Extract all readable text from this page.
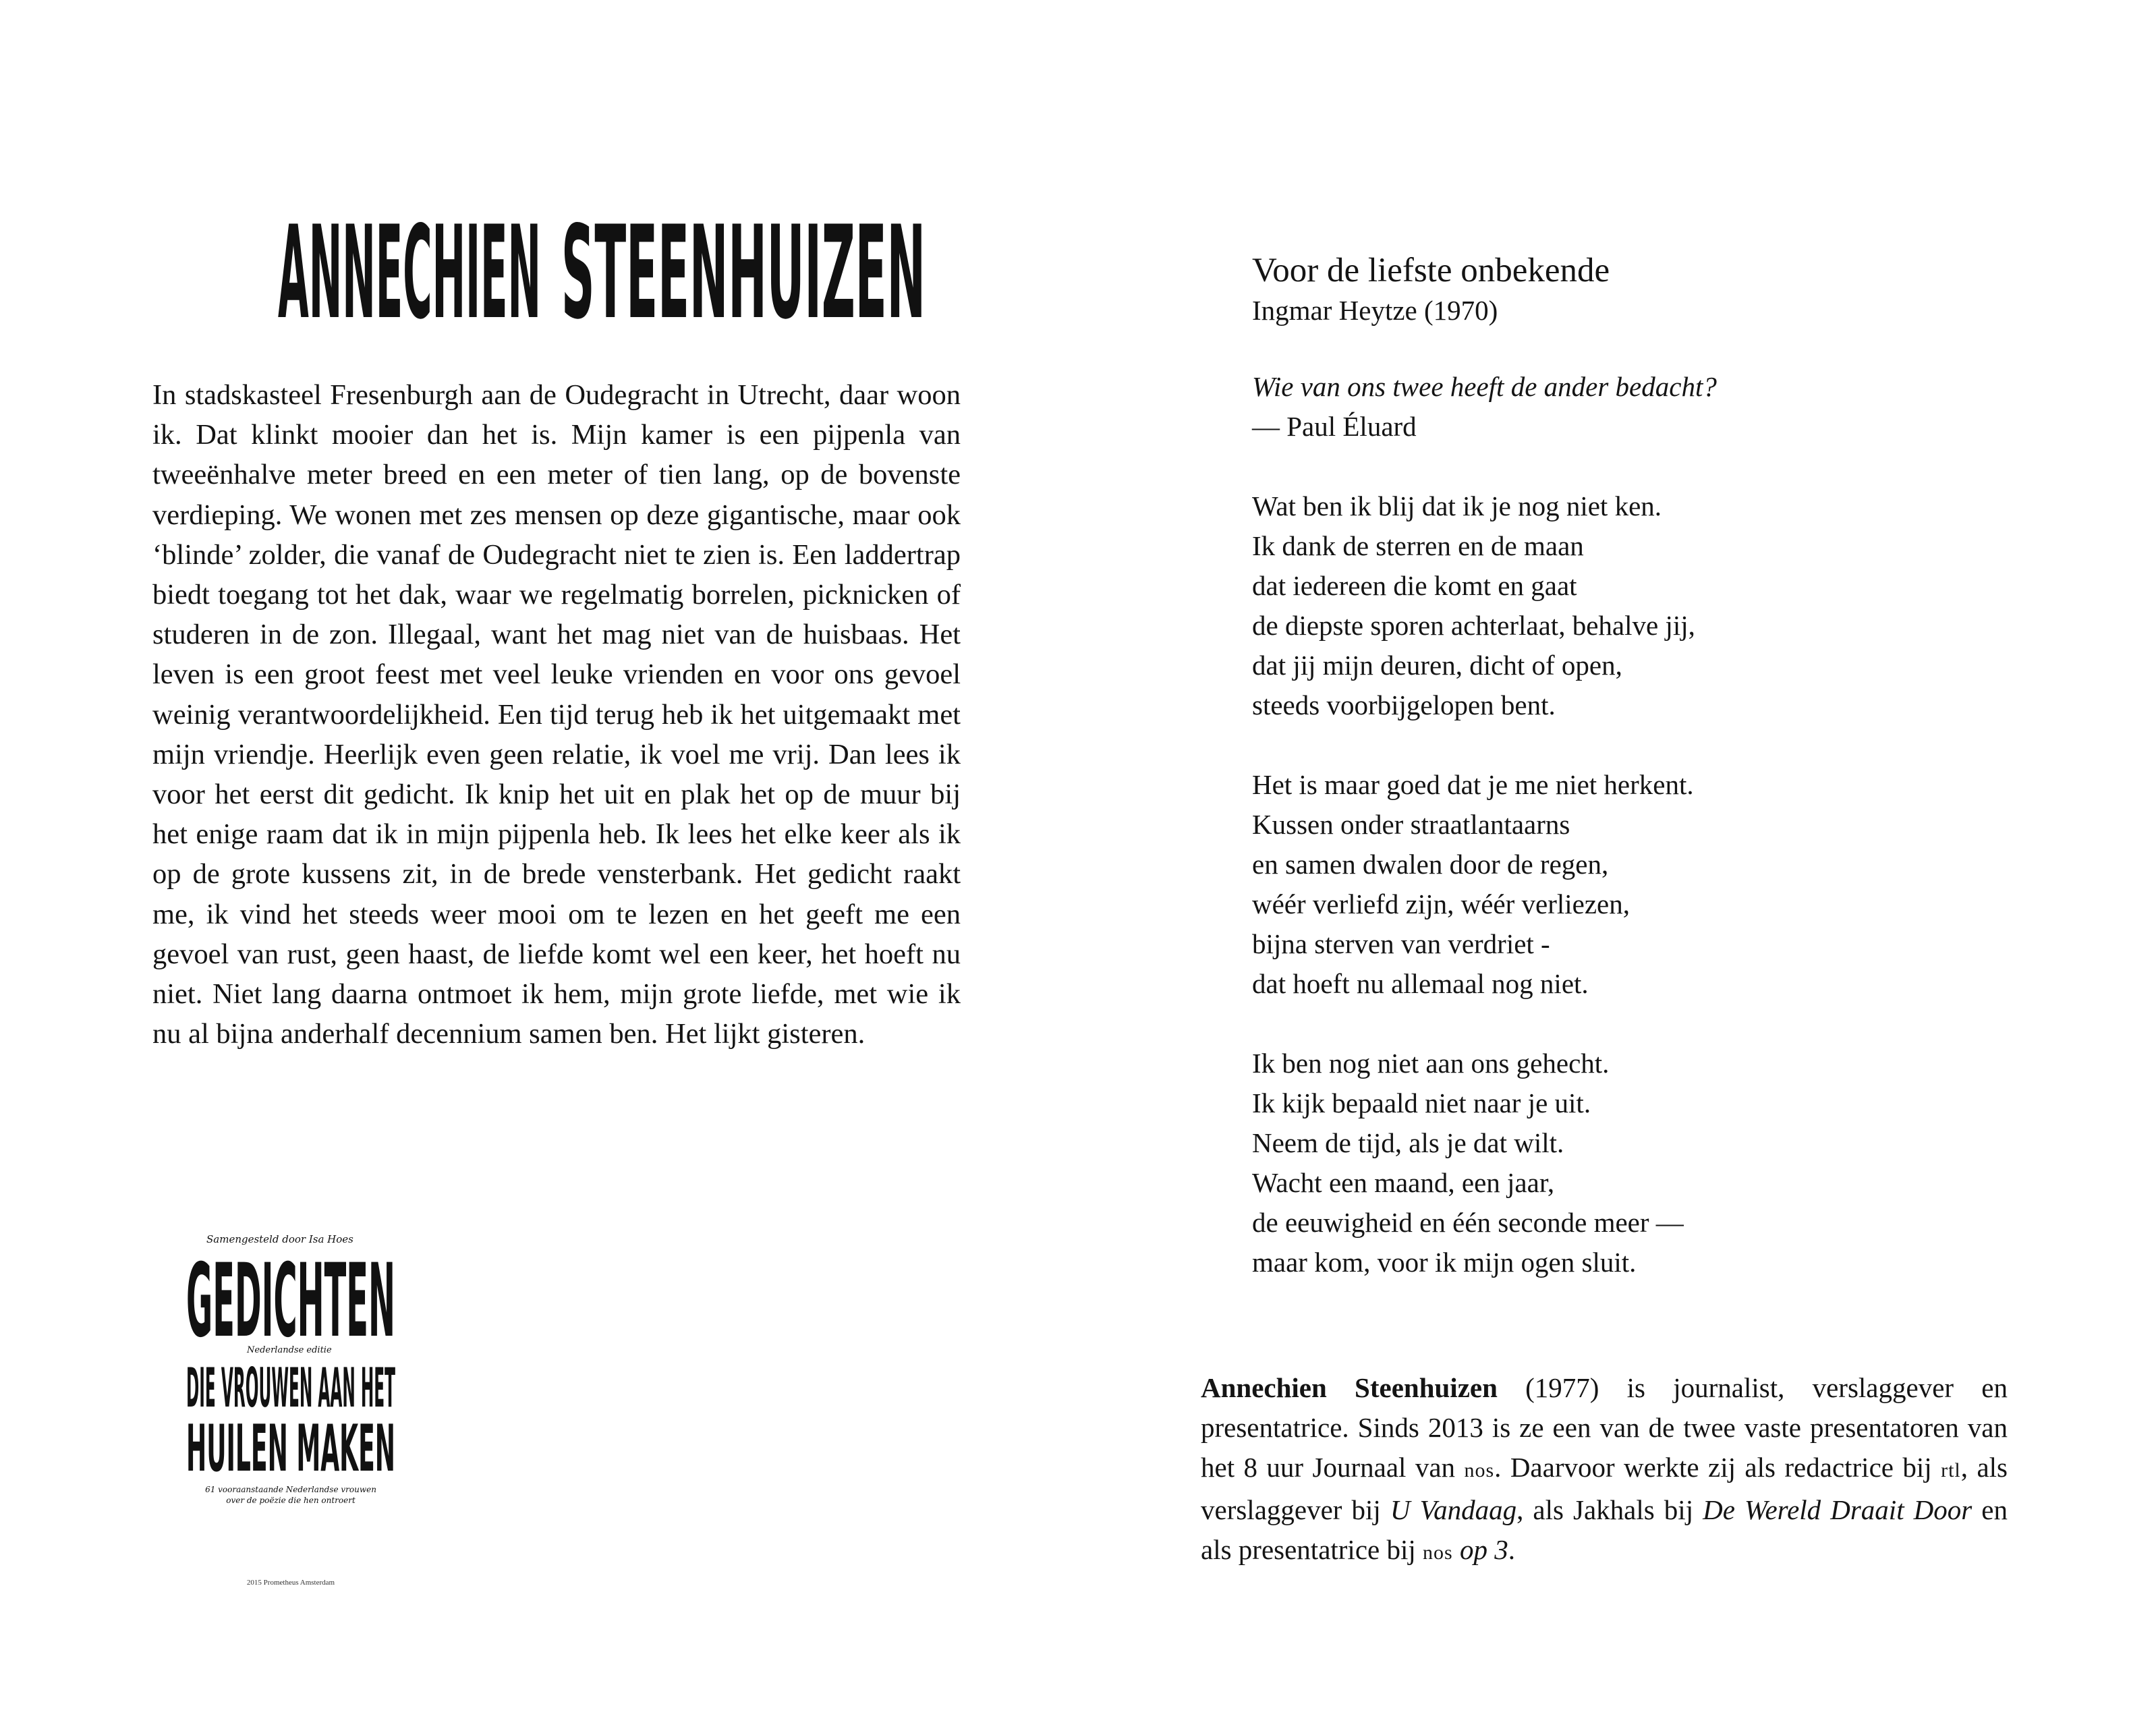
ANNECHIEN STEENHUIZEN

In stadskasteel Fresenburgh aan de Oudegracht in Utrecht, daar woon ik. Dat klinkt mooier dan het is. Mijn kamer is een pijpenla van tweeënhalve meter breed en een meter of tien lang, op de bovenste verdieping. We wonen met zes mensen op deze gigantische, maar ook ‘blinde’ zolder, die vanaf de Oudegracht niet te zien is. Een laddertrap biedt toegang tot het dak, waar we regelmatig borrelen, picknicken of studeren in de zon. Illegaal, want het mag niet van de huisbaas. Het leven is een groot feest met veel leuke vrienden en voor ons gevoel weinig verantwoordelijkheid. Een tijd terug heb ik het uitgemaakt met mijn vriendje. Heerlijk even geen relatie, ik voel me vrij. Dan lees ik voor het eerst dit gedicht. Ik knip het uit en plak het op de muur bij het enige raam dat ik in mijn pijpenla heb. Ik lees het elke keer als ik op de grote kussens zit, in de brede vensterbank. Het gedicht raakt me, ik vind het steeds weer mooi om te lezen en het geeft me een gevoel van rust, geen haast, de liefde komt wel een keer, het hoeft nu niet. Niet lang daarna ontmoet ik hem, mijn grote liefde, met wie ik nu al bijna anderhalf decennium samen ben. Het lijkt gisteren.

Samengesteld door Isa Hoes
GEDICHTEN
Nederlandse editie
DIE VROUWEN AAN HET
HUILEN MAKEN
61 vooraanstaande Nederlandse vrouwen
over de poëzie die hen ontroert
2015 Prometheus Amsterdam

Voor de liefste onbekende

Ingmar Heytze (1970)

Wie van ons twee heeft de ander bedacht?

— Paul Éluard

Wat ben ik blij dat ik je nog niet ken.
Ik dank de sterren en de maan
dat iedereen die komt en gaat
de diepste sporen achterlaat, behalve jij,
dat jij mijn deuren, dicht of open,
steeds voorbijgelopen bent.
Het is maar goed dat je me niet herkent.
Kussen onder straatlantaarns
en samen dwalen door de regen,
wéér verliefd zijn, wéér verliezen,
bijna sterven van verdriet -
dat hoeft nu allemaal nog niet.
Ik ben nog niet aan ons gehecht.
Ik kijk bepaald niet naar je uit.
Neem de tijd, als je dat wilt.
Wacht een maand, een jaar,
de eeuwigheid en één seconde meer —
maar kom, voor ik mijn ogen sluit.

Annechien Steenhuizen (1977) is journalist, verslaggever en presentatrice. Sinds 2013 is ze een van de twee vaste presentatoren van het 8 uur Journaal van nos. Daarvoor werkte zij als redactrice bij rtl, als verslaggever bij U Vandaag, als Jakhals bij De Wereld Draait Door en als presentatrice bij nos op 3.
